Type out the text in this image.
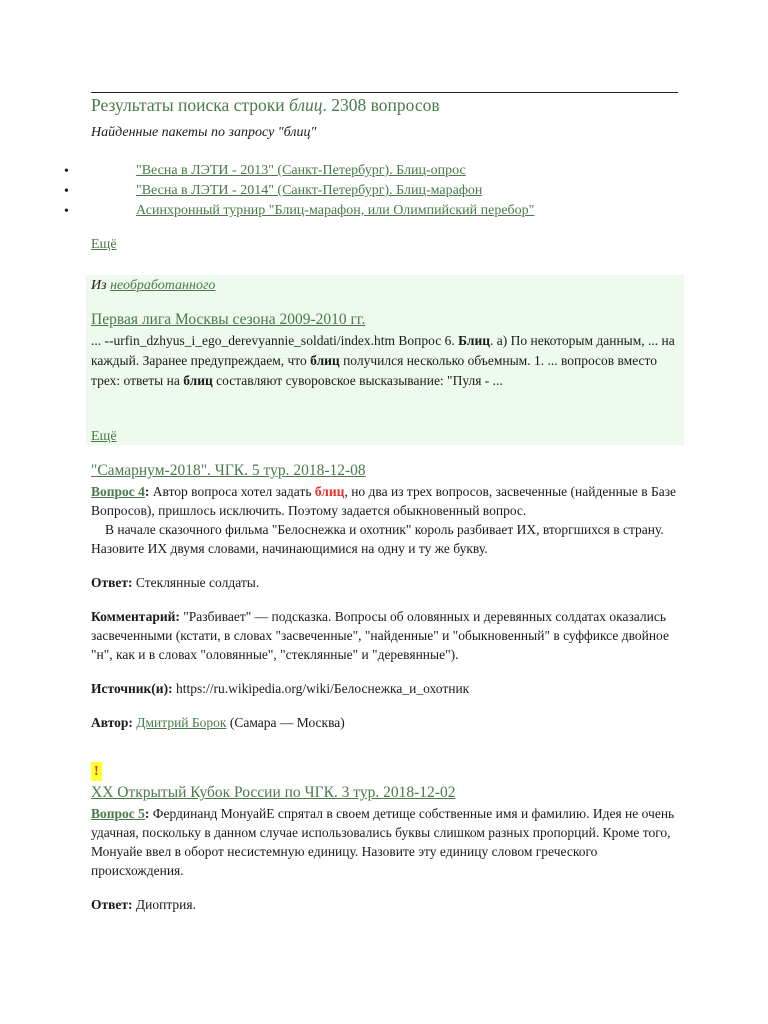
Результаты поиска строки блиц. 2308 вопросов
Найденные пакеты по запросу "блиц"
•	"Весна в ЛЭТИ - 2013" (Санкт-Петербург). Блиц-опрос
•	"Весна в ЛЭТИ - 2014" (Санкт-Петербург). Блиц-марафон
•	Асинхронный турнир "Блиц-марафон, или Олимпийский перебор"
Ещё
Из необработанного
Первая лига Москвы сезона 2009-2010 гг.
... --urfin_dzhyus_i_ego_derevyannie_soldati/index.htm Вопрос 6. Блиц. а) По некоторым данным, ... на каждый. Заранее предупреждаем, что блиц получился несколько объемным. 1. ... вопросов вместо трех: ответы на блиц составляют суворовское высказывание: "Пуля - ...
Ещё
"Самарнум-2018". ЧГК. 5 тур. 2018-12-08

Вопрос 4: Автор вопроса хотел задать блиц, но два из трех вопросов, засвеченные (найденные в Базе Вопросов), пришлось исключить. Поэтому задается обыкновенный вопрос.

В начале сказочного фильма "Белоснежка и охотник" король разбивает ИХ, вторгшихся в страну. Назовите ИХ двумя словами, начинающимися на одну и ту же букву.

Ответ: Стеклянные солдаты.

Комментарий: "Разбивает" — подсказка. Вопросы об оловянных и деревянных солдатах оказались засвеченными (кстати, в словах "засвеченные", "найденные" и "обыкновенный" в суффиксе двойное "н", как и в словах "оловянные", "стеклянные" и "деревянные").

Источник(и): https://ru.wikipedia.org/wiki/Белоснежка_и_охотник

Автор: Дмитрий Борок (Самара — Москва)

!
XX Открытый Кубок России по ЧГК. 3 тур. 2018-12-02

Вопрос 5: Фердинанд МонуайЕ спрятал в своем детище собственные имя и фамилию. Идея не очень удачная, поскольку в данном случае использовались буквы слишком разных пропорций. Кроме того, Монуайе ввел в оборот несистемную единицу. Назовите эту единицу словом греческого происхождения.

Ответ: Диоптрия.
